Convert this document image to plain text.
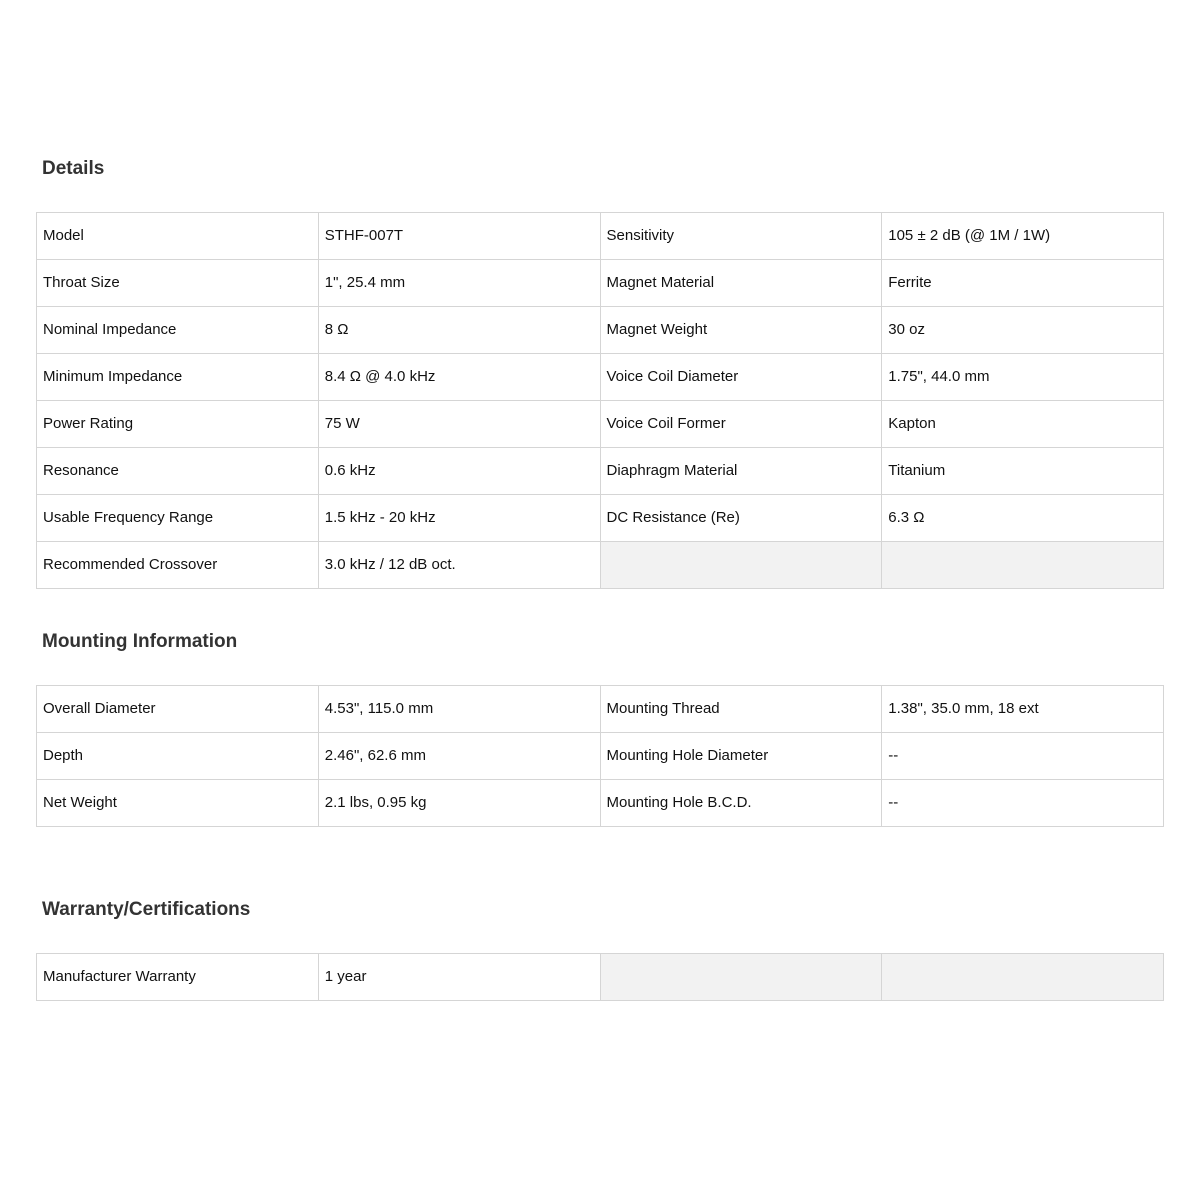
Details
Model	STHF-007T	Sensitivity	105 ± 2 dB (@ 1M / 1W)
Throat Size	1", 25.4 mm	Magnet Material	Ferrite
Nominal Impedance	8 Ω	Magnet Weight	30 oz
Minimum Impedance	8.4 Ω @ 4.0 kHz	Voice Coil Diameter	1.75", 44.0 mm
Power Rating	75 W	Voice Coil Former	Kapton
Resonance	0.6 kHz	Diaphragm Material	Titanium
Usable Frequency Range	1.5 kHz - 20 kHz	DC Resistance (Re)	6.3 Ω
Recommended Crossover	3.0 kHz / 12 dB oct.		
Mounting Information
Overall Diameter	4.53", 115.0 mm	Mounting Thread	1.38", 35.0 mm, 18 ext
Depth	2.46", 62.6 mm	Mounting Hole Diameter	--
Net Weight	2.1 lbs, 0.95 kg	Mounting Hole B.C.D.	--
Warranty/Certifications
Manufacturer Warranty	1 year		
